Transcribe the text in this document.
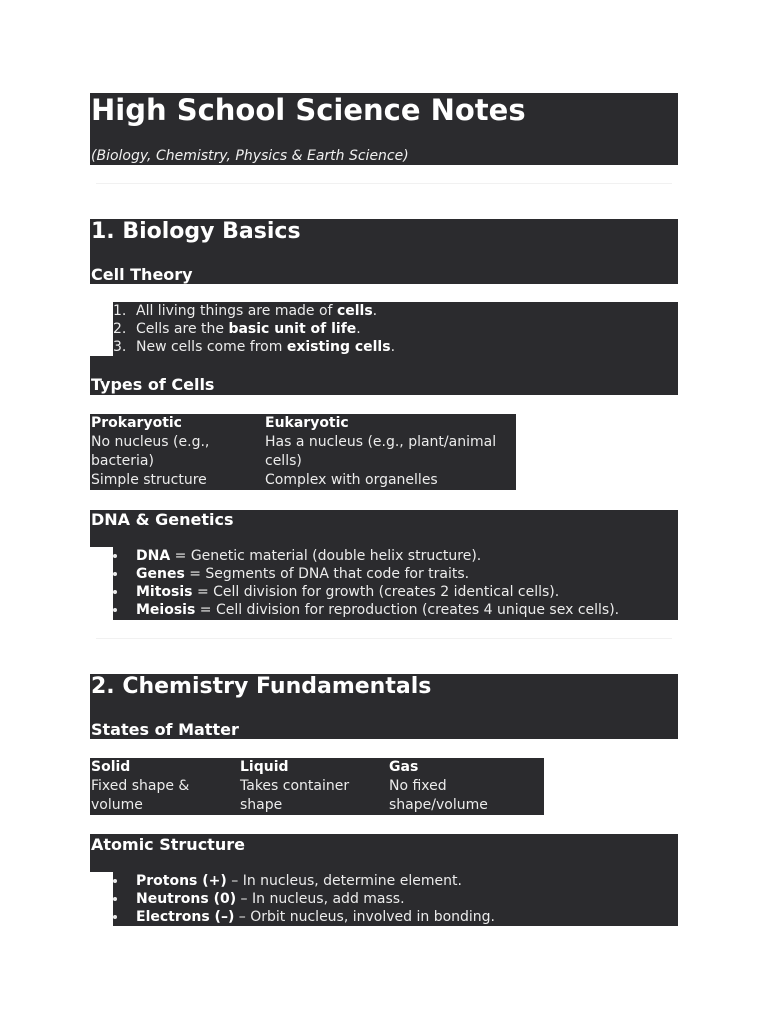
High School Science Notes
(Biology, Chemistry, Physics & Earth Science)
1. Biology Basics
Cell Theory
1. All living things are made of cells.
2. Cells are the basic unit of life.
3. New cells come from existing cells.
Types of Cells
Prokaryotic	Eukaryotic
No nucleus (e.g., bacteria)	Has a nucleus (e.g., plant/animal cells)
Simple structure	Complex with organelles
DNA & Genetics
DNA = Genetic material (double helix structure).
Genes = Segments of DNA that code for traits.
Mitosis = Cell division for growth (creates 2 identical cells).
Meiosis = Cell division for reproduction (creates 4 unique sex cells).
2. Chemistry Fundamentals
States of Matter
Solid	Liquid	Gas
Fixed shape & volume	Takes container shape	No fixed shape/volume
Atomic Structure
Protons (+) – In nucleus, determine element.
Neutrons (0) – In nucleus, add mass.
Electrons (–) – Orbit nucleus, involved in bonding.
